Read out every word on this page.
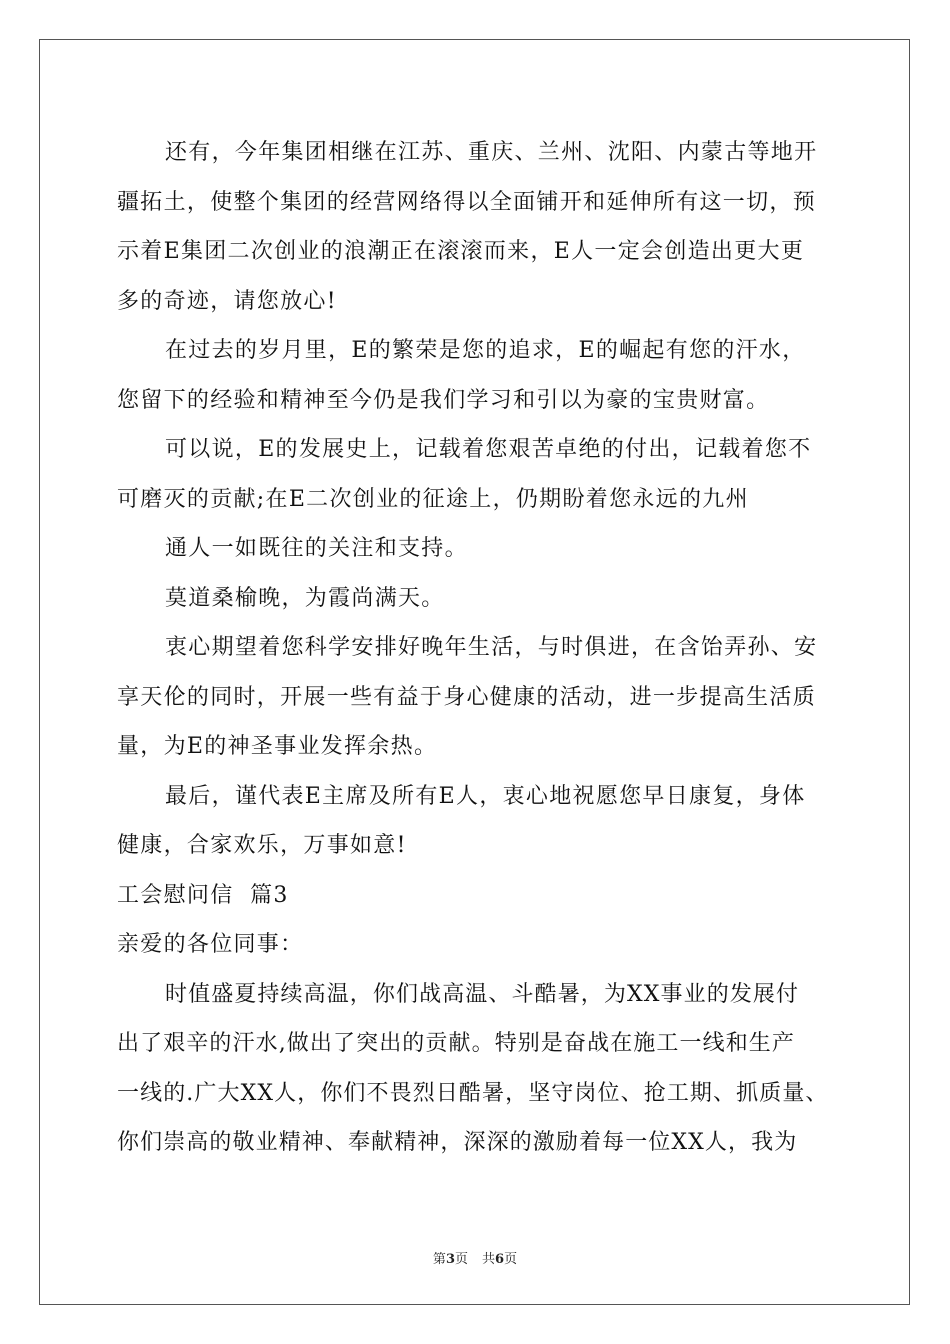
还有，今年集团相继在江苏、重庆、兰州、沈阳、内蒙古等地开
疆拓土，使整个集团的经营网络得以全面铺开和延伸所有这一切，预
示着E集团二次创业的浪潮正在滚滚而来，E人一定会创造出更大更
多的奇迹，请您放心!

在过去的岁月里，E的繁荣是您的追求，E的崛起有您的汗水，
您留下的经验和精神至今仍是我们学习和引以为豪的宝贵财富。

可以说，E的发展史上，记载着您艰苦卓绝的付出，记载着您不
可磨灭的贡献;在E二次创业的征途上，仍期盼着您永远的九州

通人一如既往的关注和支持。

莫道桑榆晚，为霞尚满天。

衷心期望着您科学安排好晚年生活，与时俱进，在含饴弄孙、安
享天伦的同时，开展一些有益于身心健康的活动，进一步提高生活质
量，为E的神圣事业发挥余热。

最后，谨代表E主席及所有E人，衷心地祝愿您早日康复，身体
健康，合家欢乐，万事如意!

工会慰问信  篇3

亲爱的各位同事：

时值盛夏持续高温，你们战高温、斗酷暑，为XX事业的发展付
出了艰辛的汗水,做出了突出的贡献。特别是奋战在施工一线和生产
一线的.广大XX人，你们不畏烈日酷暑，坚守岗位、抢工期、抓质量、
你们崇高的敬业精神、奉献精神，深深的激励着每一位XX人，我为

第3页 共6页
